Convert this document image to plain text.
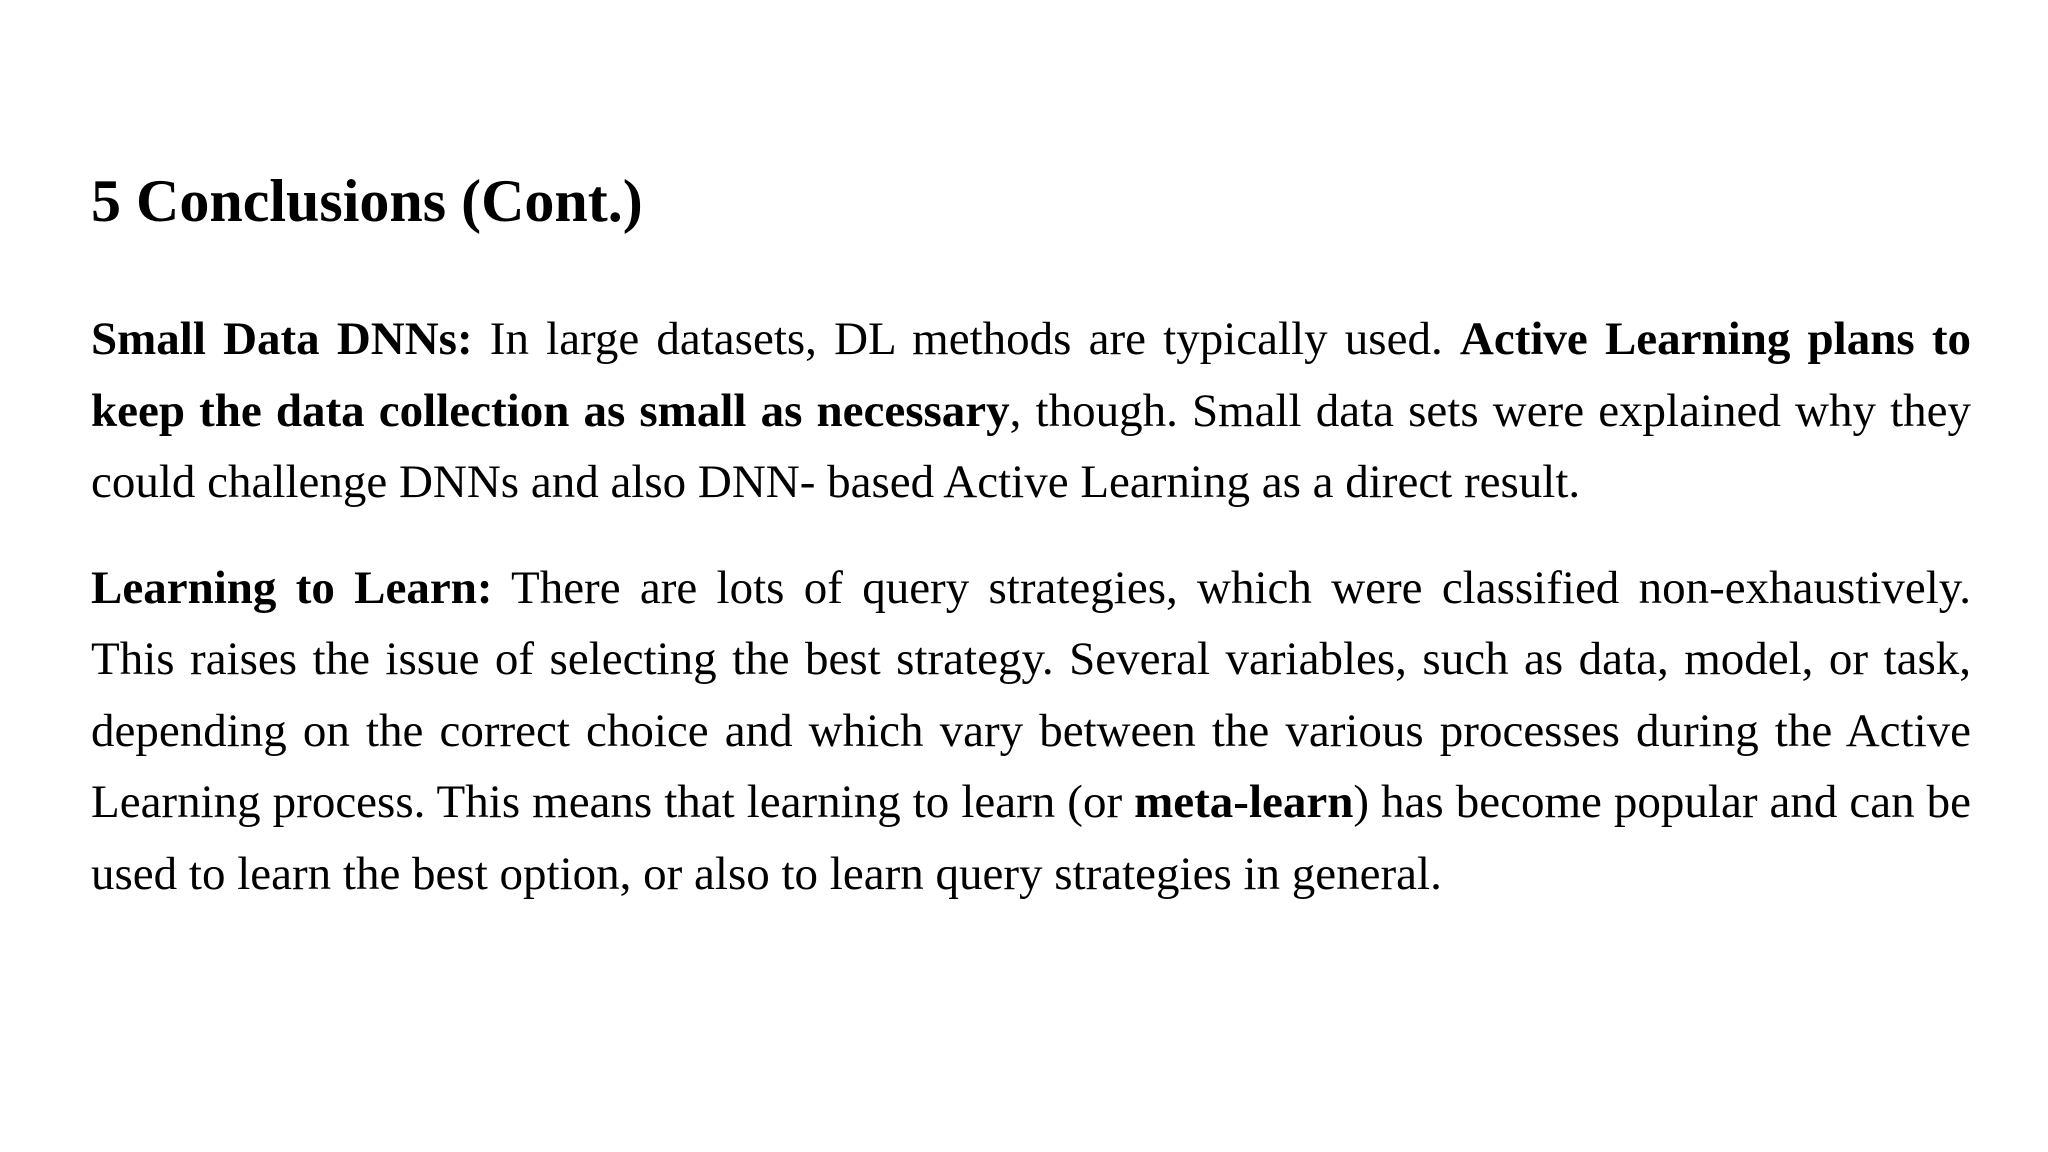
5 Conclusions (Cont.)

Small Data DNNs: In large datasets, DL methods are typically used. Active Learning plans to keep the data collection as small as necessary, though. Small data sets were explained why they could challenge DNNs and also DNN- based Active Learning as a direct result.

Learning to Learn: There are lots of query strategies, which were classified non-exhaustively. This raises the issue of selecting the best strategy. Several variables, such as data, model, or task, depending on the correct choice and which vary between the various processes during the Active Learning process. This means that learning to learn (or meta-learn) has become popular and can be used to learn the best option, or also to learn query strategies in general.
